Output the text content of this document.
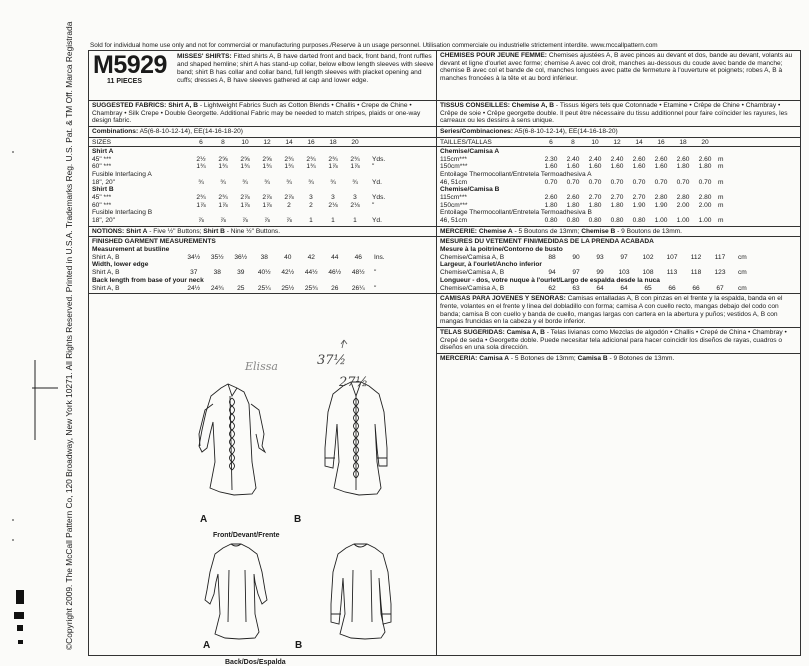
©Copyright 2009. The McCall Pattern Co, 120 Broadway, New York 10271. All Rights Reserved. Printed in U.S.A. Trademarks Reg. U.S. Pat. & TM Off. Marca Registrada	Sold for individual home use only and not for commercial or manufacturing purposes./Reserve à un usage personnel. Utilisation commerciale ou industrielle strictement interdite. www.mccallpattern.com
M5929
11 PIECES
MISSES' SHIRTS: Fitted shirts A, B have darted front and back, front band, front ruffles and shaped hemline; shirt A has stand-up collar, below elbow length sleeves with sleeve band; shirt B has collar and collar band, full length sleeves with placket opening and cuffs; dresses A, B have sleeves gathered at cap and lower edge.
SUGGESTED FABRICS: Shirt A, B - Lightweight Fabrics Such as Cotton Blends • Challis • Crepe de Chine • Chambray • Silk Crepe • Double Georgette. Additional Fabric may be needed to match stripes, plaids or one-way design fabric.
Combinations: A5(6-8-10-12-14), EE(14-16-18-20)
SIZES	6	8	10	12	14	16	18	20
Shirt A
45" ***	2½	2⅝	2⅝	2⅝	2¾	2¾	2¾	2¾	Yds.
60" ***	1¾	1¾	1¾	1¾	1¾	1¾	1⅞	1⅞	"
Fusible Interfacing A
18", 20"	¾	¾	¾	¾	¾	¾	¾	¾	Yd.
Shirt B
45" ***	2¾	2¾	2⅞	2⅞	2⅞	3	3	3	Yds.
60" ***	1⅞	1⅞	1⅞	1⅞	2	2	2⅛	2⅛	"
Fusible Interfacing B
18", 20"	⅞	⅞	⅞	⅞	⅞	1	1	1	Yd.
NOTIONS: Shirt A - Five ½" Buttons; Shirt B - Nine ½" Buttons.
FINISHED GARMENT MEASUREMENTS
Measurement at bustline
Shirt A, B	34½	35½	36½	38	40	42	44	46	Ins.
Width, lower edge
Shirt A, B	37	38	39	40½	42½	44½	46½	48½	"
Back length from base of your neck
Shirt A, B	24½	24¾	25	25¼	25½	25¾	26	26¼	"
A	B
Front/Devant/Frente
A	B
Back/Dos/Espalda
Elissa	37½
27½
CHEMISES POUR JEUNE FEMME: Chemises ajustées A, B avec pinces au devant et dos, bande au devant, volants au devant et ligne d'ourlet avec forme; chemise A avec col droit, manches au-dessous du coude avec bande de manche; chemise B avec col et bande de col, manches longues avec patte de fermeture à l'ouverture et poignets; robes A, B à manches froncées à la tête et au bord inférieur.
TISSUS CONSEILLES: Chemise A, B - Tissus légers tels que Cotonnade • Etamine • Crêpe de Chine • Chambray • Crêpe de soie • Crêpe georgette double. Il peut être nécessaire du tissu additionnel pour faire coïncider les rayures, les carreaux ou les dessins à sens unique.
Series/Combinaciones: A5(6-8-10-12-14), EE(14-16-18-20)
TAILLES/TALLAS	6	8	10	12	14	16	18	20
Chemise/Camisa A
115cm***	2.30	2.40	2.40	2.40	2.60	2.60	2.60	2.60 m
150cm***	1.60	1.60	1.60	1.60	1.60	1.60	1.80	1.80 m
Entoilage Thermocollant/Entretela Termoadhesiva A
46, 51cm	0.70	0.70	0.70	0.70	0.70	0.70	0.70	0.70 m
Chemise/Camisa B
115cm***	2.60	2.60	2.70	2.70	2.70	2.80	2.80	2.80 m
150cm***	1.80	1.80	1.80	1.80	1.90	1.90	2.00	2.00 m
Entoilage Thermocollant/Entretela Termoadhesiva B
46, 51cm	0.80	0.80	0.80	0.80	0.80	1.00	1.00	1.00 m
MERCERIE: Chemise A - 5 Boutons de 13mm; Chemise B - 9 Boutons de 13mm.
MESURES DU VETEMENT FINI/MEDIDAS DE LA PRENDA ACABADA
Mesure à la poitrine/Contorno de busto
Chemise/Camisa A, B	88	90	93	97	102	107	112	117	cm
Largeur, à l'ourlet/Ancho inferior
Chemise/Camisa A, B	94	97	99	103	108	113	118	123	cm
Longueur - dos, votre nuque à l'ourlet/Largo de espalda desde la nuca
Chemise/Camisa A, B	62	63	64	64	65	66	66	67	cm
CAMISAS PARA JOVENES Y SENORAS: Camisas entalladas A, B con pinzas en el frente y la espalda, banda en el frente, volantes en el frente y línea del dobladillo con forma; camisa A con cuello recto, mangas debajo del codo con banda; camisa B con cuello y banda de cuello, mangas largas con cartera en la abertura y puños; vestidos A, B con mangas fruncidas en la cabeza y el borde inferior.
TELAS SUGERIDAS: Camisa A, B - Telas livianas como Mezclas de algodón • Challis • Crepé de China • Chambray • Crepé de seda • Georgette doble. Puede necesitar tela adicional para hacer coincidir los diseños de rayas, cuadros o diseños en una sola dirección.
MERCERIA: Camisa A - 5 Botones de 13mm; Camisa B - 9 Botones de 13mm.
